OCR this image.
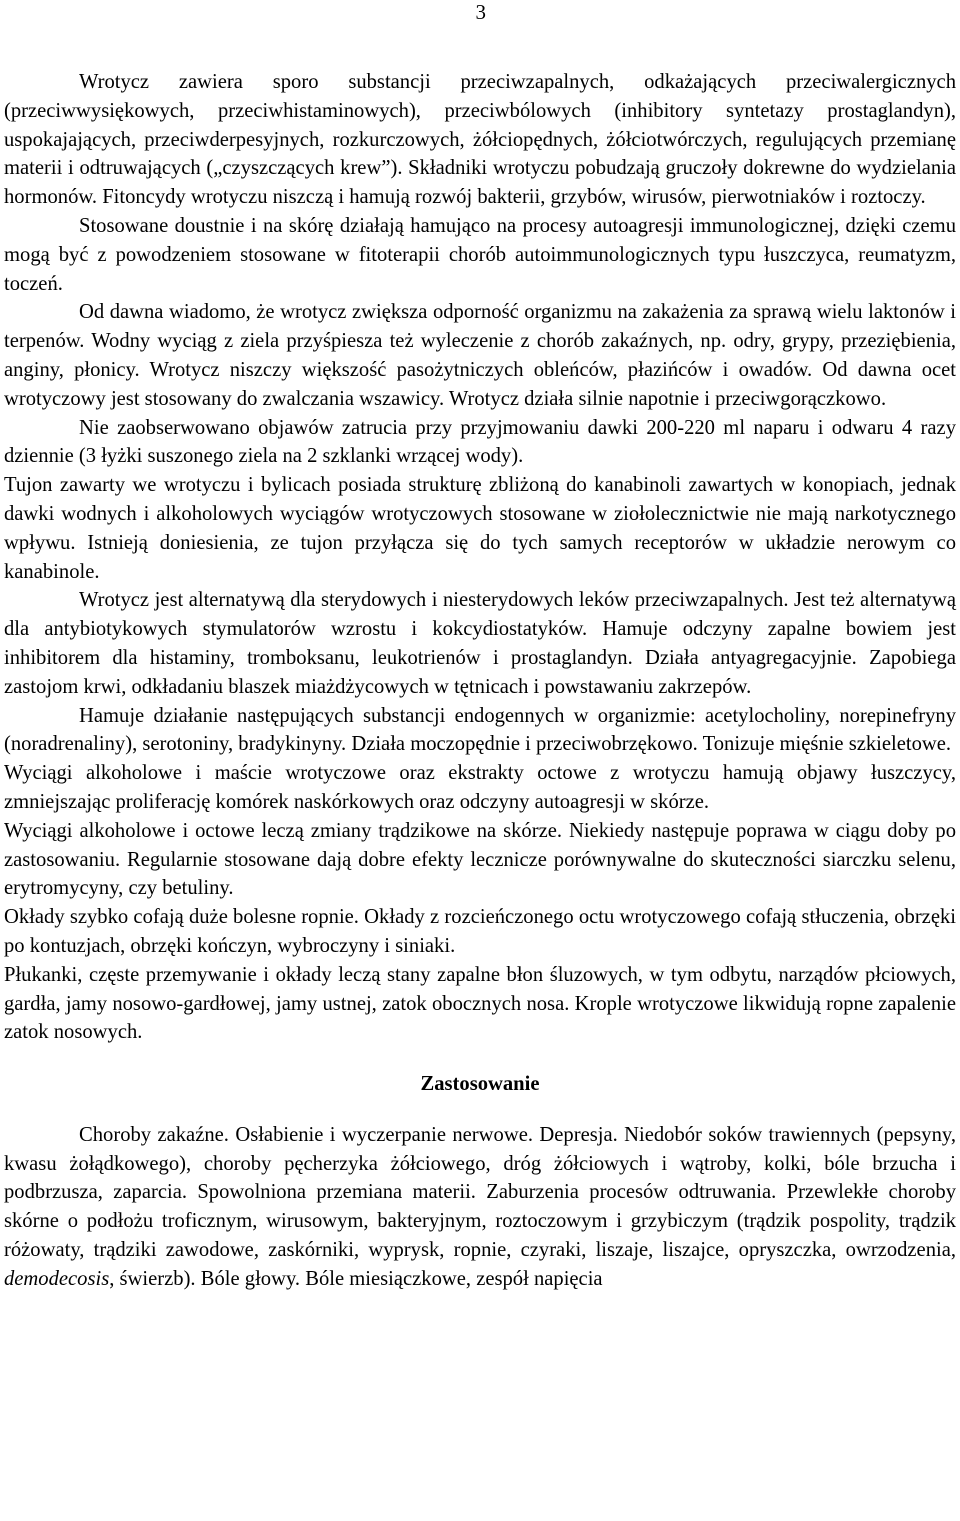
3

Wrotycz zawiera sporo substancji przeciwzapalnych, odkażających przeciwalergicznych (przeciwwysiękowych, przeciwhistaminowych), przeciwbólowych (inhibitory syntetazy prostaglandyn), uspokajających, przeciwderpesyjnych, rozkurczowych, żółciopędnych, żółciotwórczych, regulujących przemianę materii i odtruwających („czyszczących krew”). Składniki wrotyczu pobudzają gruczoły dokrewne do wydzielania hormonów. Fitoncydy wrotyczu niszczą i hamują rozwój bakterii, grzybów, wirusów, pierwotniaków i roztoczy.

Stosowane doustnie i na skórę działają hamująco na procesy autoagresji immunologicznej, dzięki czemu mogą być z powodzeniem stosowane w fitoterapii chorób autoimmunologicznych typu łuszczyca, reumatyzm, toczeń.

Od dawna wiadomo, że wrotycz zwiększa odporność organizmu na zakażenia za sprawą wielu laktonów i terpenów. Wodny wyciąg z ziela przyśpiesza też wyleczenie z chorób zakaźnych, np. odry, grypy, przeziębienia, anginy, płonicy. Wrotycz niszczy większość pasożytniczych obleńców, płazińców i owadów. Od dawna ocet wrotyczowy jest stosowany do zwalczania wszawicy. Wrotycz działa silnie napotnie i przeciwgorączkowo.

Nie zaobserwowano objawów zatrucia przy przyjmowaniu dawki 200-220 ml naparu i odwaru 4 razy dziennie (3 łyżki suszonego ziela na 2 szklanki wrzącej wody).

Tujon zawarty we wrotyczu i bylicach posiada strukturę zbliżoną do kanabinoli zawartych w konopiach, jednak dawki wodnych i alkoholowych wyciągów wrotyczowych stosowane w ziołolecznictwie nie mają narkotycznego wpływu. Istnieją doniesienia, ze tujon przyłącza się do tych samych receptorów w układzie nerowym co kanabinole.

Wrotycz jest alternatywą dla sterydowych i niesterydowych leków przeciwzapalnych. Jest też alternatywą dla antybiotykowych stymulatorów wzrostu i kokcydiostatyków. Hamuje odczyny zapalne bowiem jest inhibitorem dla histaminy, tromboksanu, leukotrienów i prostaglandyn. Działa antyagregacyjnie. Zapobiega zastojom krwi, odkładaniu blaszek miażdżycowych w tętnicach i powstawaniu zakrzepów.

Hamuje działanie następujących substancji endogennych w organizmie: acetylocholiny, norepinefryny (noradrenaliny), serotoniny, bradykinyny. Działa moczopędnie i przeciwobrzękowo. Tonizuje mięśnie szkieletowe.

Wyciągi alkoholowe i maście wrotyczowe oraz ekstrakty octowe z wrotyczu hamują objawy łuszczycy, zmniejszając proliferację komórek naskórkowych oraz odczyny autoagresji w skórze.

Wyciągi alkoholowe i octowe leczą zmiany trądzikowe na skórze. Niekiedy następuje poprawa w ciągu doby po zastosowaniu. Regularnie stosowane dają dobre efekty lecznicze porównywalne do skuteczności siarczku selenu, erytromycyny, czy betuliny.

Okłady szybko cofają duże bolesne ropnie. Okłady z rozcieńczonego octu wrotyczowego cofają stłuczenia, obrzęki po kontuzjach, obrzęki kończyn, wybroczyny i siniaki.

Płukanki, częste przemywanie i okłady leczą stany zapalne błon śluzowych, w tym odbytu, narządów płciowych, gardła, jamy nosowo-gardłowej, jamy ustnej, zatok obocznych nosa. Krople wrotyczowe likwidują ropne zapalenie zatok nosowych.

Zastosowanie

Choroby zakaźne. Osłabienie i wyczerpanie nerwowe. Depresja. Niedobór soków trawiennych (pepsyny, kwasu żołądkowego), choroby pęcherzyka żółciowego, dróg żółciowych i wątroby, kolki, bóle brzucha i podbrzusza, zaparcia. Spowolniona przemiana materii. Zaburzenia procesów odtruwania. Przewlekłe choroby skórne o podłożu troficznym, wirusowym, bakteryjnym, roztoczowym i grzybiczym (trądzik pospolity, trądzik różowaty, trądziki zawodowe, zaskórniki, wyprysk, ropnie, czyraki, liszaje, liszajce, opryszczka, owrzodzenia, demodecosis, świerzb). Bóle głowy. Bóle miesiączkowe, zespół napięcia
